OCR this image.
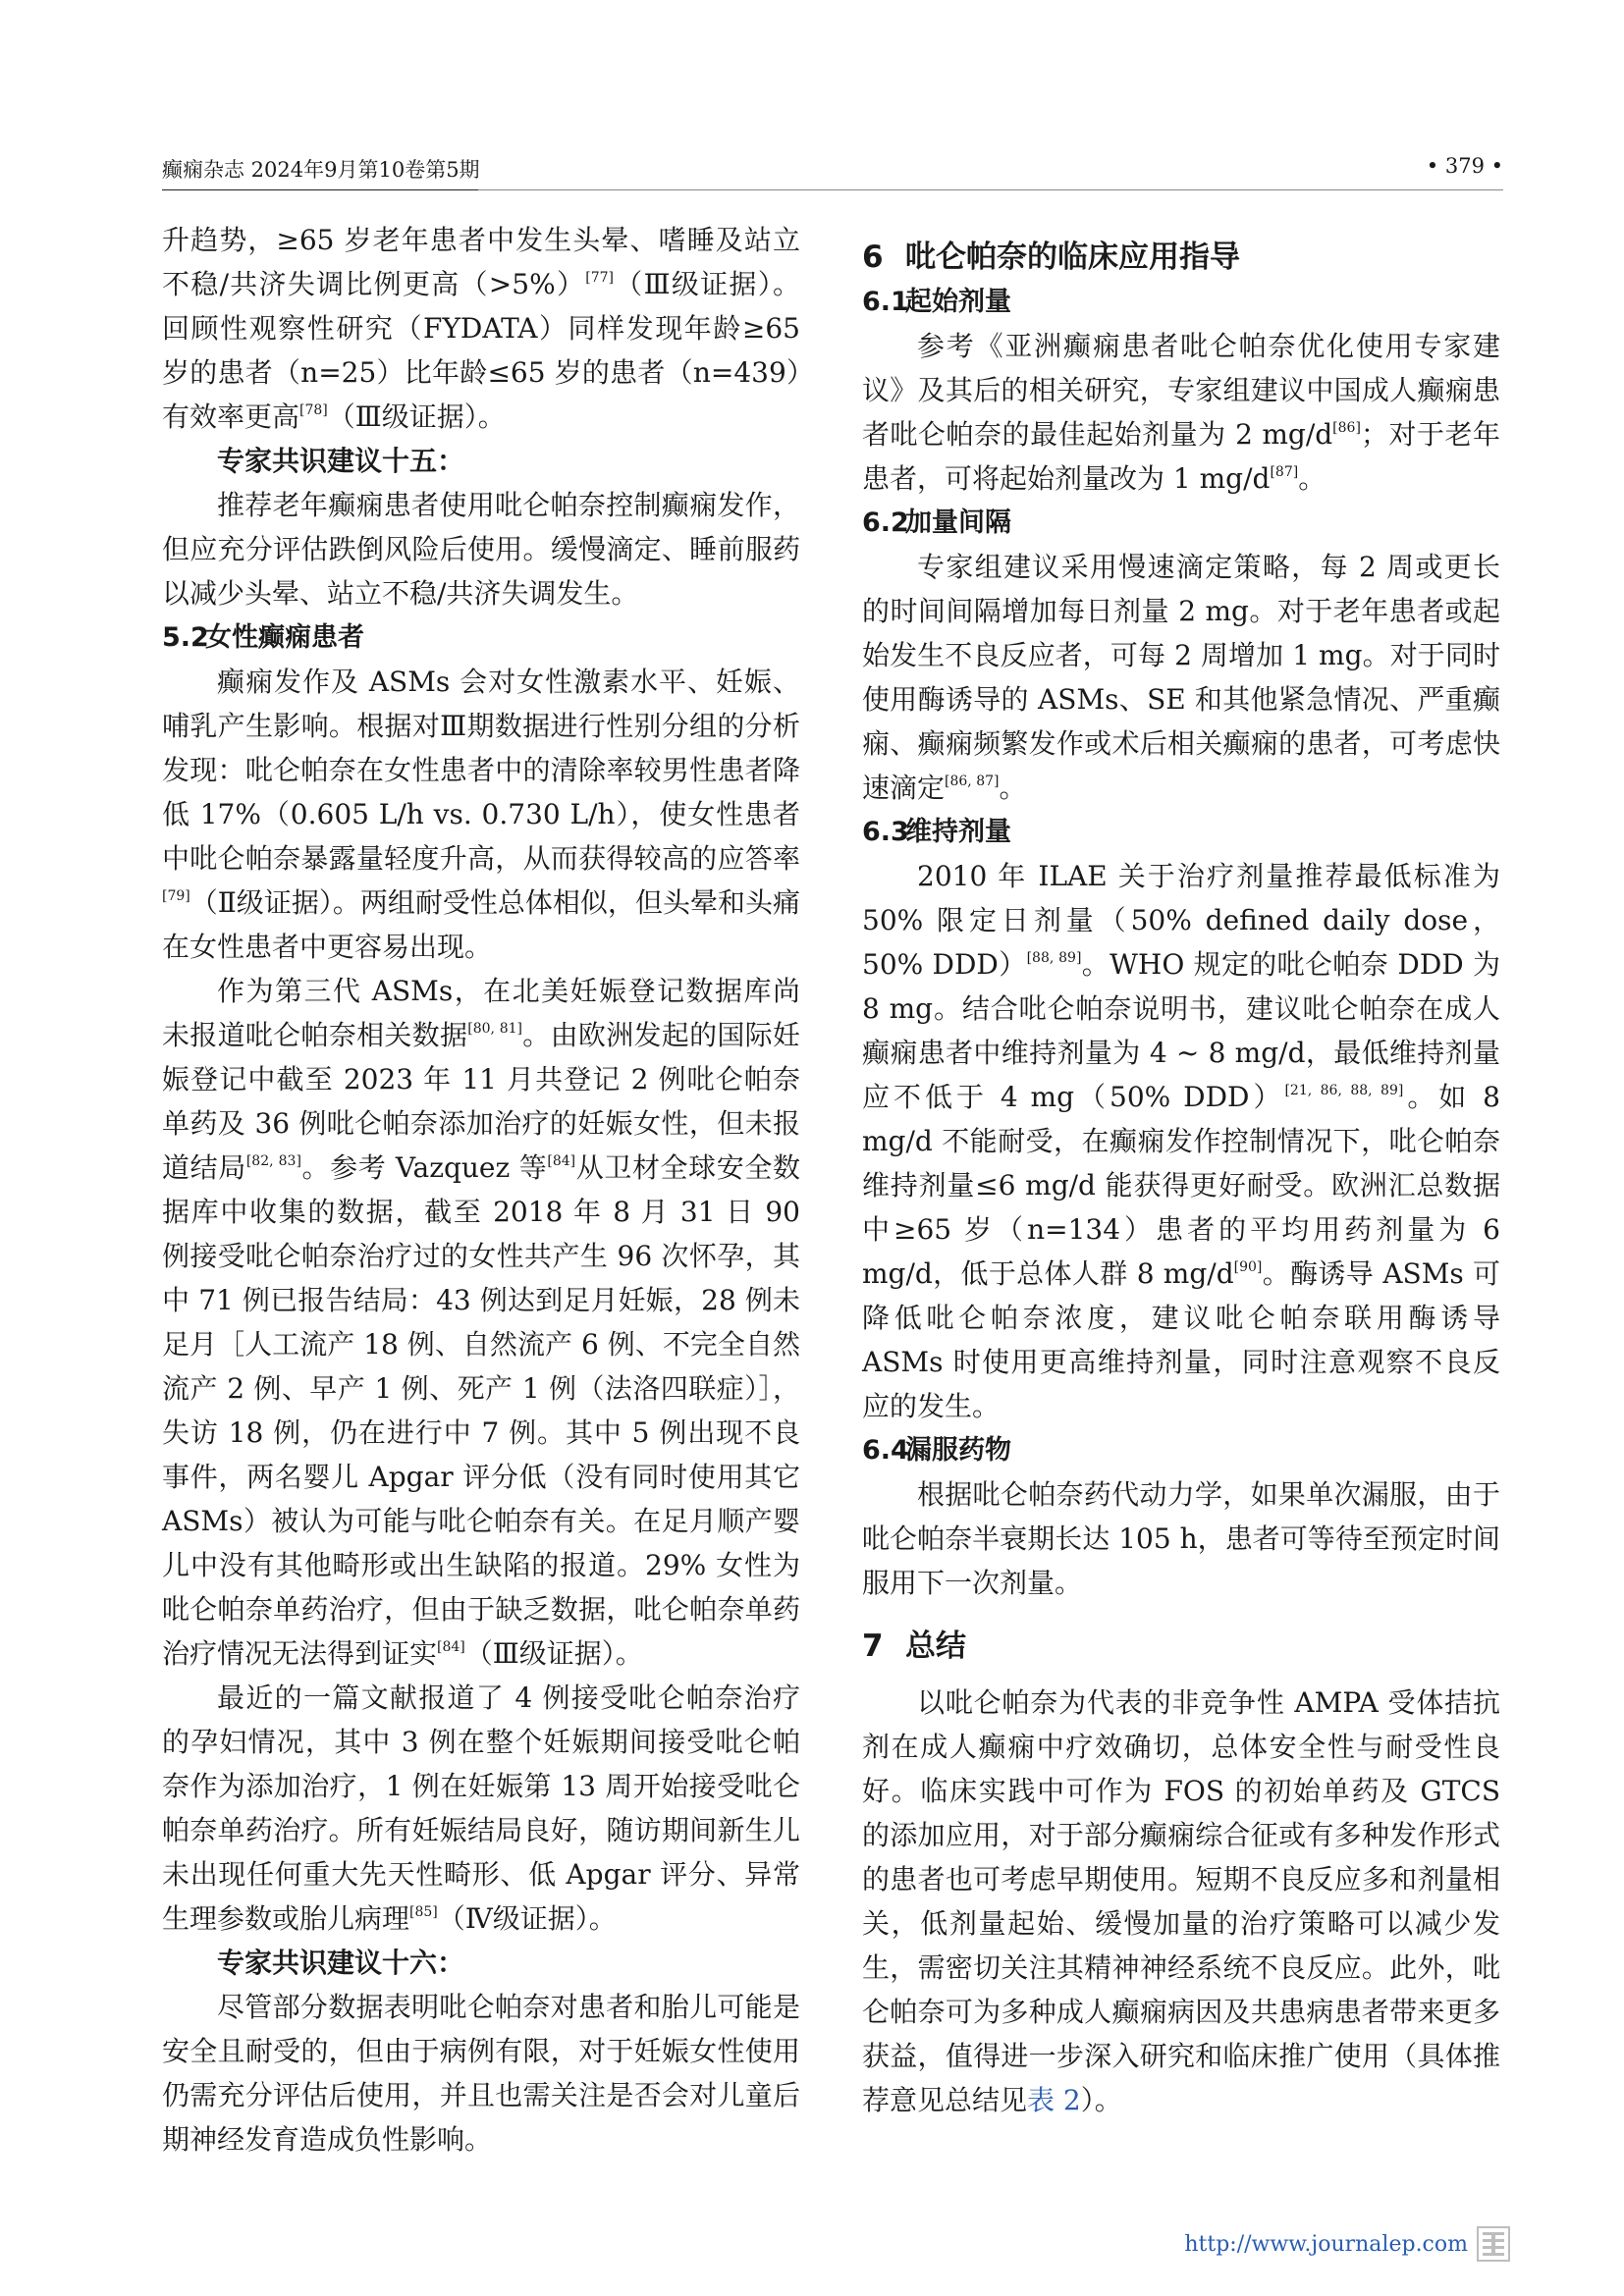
癫痫杂志 2024年9月第10卷第5期	• 379 •

升趋势，≥65 岁老年患者中发生头晕、嗜睡及站立不稳/共济失调比例更高（>5%）[77]（Ⅲ级证据）。回顾性观察性研究（FYDATA）同样发现年龄≥65 岁的患者（n=25）比年龄≤65 岁的患者（n=439）有效率更高[78]（Ⅲ级证据）。

专家共识建议十五：

推荐老年癫痫患者使用吡仑帕奈控制癫痫发作，但应充分评估跌倒风险后使用。缓慢滴定、睡前服药以减少头晕、站立不稳/共济失调发生。

5.2女性癫痫患者

癫痫发作及 ASMs 会对女性激素水平、妊娠、哺乳产生影响。根据对Ⅲ期数据进行性别分组的分析发现：吡仑帕奈在女性患者中的清除率较男性患者降低 17%（0.605 L/h vs. 0.730 L/h），使女性患者中吡仑帕奈暴露量轻度升高，从而获得较高的应答率[79]（Ⅱ级证据）。两组耐受性总体相似，但头晕和头痛在女性患者中更容易出现。

作为第三代 ASMs，在北美妊娠登记数据库尚未报道吡仑帕奈相关数据[80, 81]。由欧洲发起的国际妊娠登记中截至 2023 年 11 月共登记 2 例吡仑帕奈单药及 36 例吡仑帕奈添加治疗的妊娠女性，但未报道结局[82, 83]。参考 Vazquez 等[84]从卫材全球安全数据库中收集的数据，截至 2018 年 8 月 31 日 90 例接受吡仑帕奈治疗过的女性共产生 96 次怀孕，其中 71 例已报告结局：43 例达到足月妊娠，28 例未足月［人工流产 18 例、自然流产 6 例、不完全自然流产 2 例、早产 1 例、死产 1 例（法洛四联症）］，失访 18 例，仍在进行中 7 例。其中 5 例出现不良事件，两名婴儿 Apgar 评分低（没有同时使用其它 ASMs）被认为可能与吡仑帕奈有关。在足月顺产婴儿中没有其他畸形或出生缺陷的报道。29% 女性为吡仑帕奈单药治疗，但由于缺乏数据，吡仑帕奈单药治疗情况无法得到证实[84]（Ⅲ级证据）。

最近的一篇文献报道了 4 例接受吡仑帕奈治疗的孕妇情况，其中 3 例在整个妊娠期间接受吡仑帕奈作为添加治疗，1 例在妊娠第 13 周开始接受吡仑帕奈单药治疗。所有妊娠结局良好，随访期间新生儿未出现任何重大先天性畸形、低 Apgar 评分、异常生理参数或胎儿病理[85]（Ⅳ级证据）。

专家共识建议十六：

尽管部分数据表明吡仑帕奈对患者和胎儿可能是安全且耐受的，但由于病例有限，对于妊娠女性使用仍需充分评估后使用，并且也需关注是否会对儿童后期神经发育造成负性影响。

6 吡仑帕奈的临床应用指导

6.1起始剂量

参考《亚洲癫痫患者吡仑帕奈优化使用专家建议》及其后的相关研究，专家组建议中国成人癫痫患者吡仑帕奈的最佳起始剂量为 2 mg/d[86]；对于老年患者，可将起始剂量改为 1 mg/d[87]。

6.2加量间隔

专家组建议采用慢速滴定策略，每 2 周或更长的时间间隔增加每日剂量 2 mg。对于老年患者或起始发生不良反应者，可每 2 周增加 1 mg。对于同时使用酶诱导的 ASMs、SE 和其他紧急情况、严重癫痫、癫痫频繁发作或术后相关癫痫的患者，可考虑快速滴定[86, 87]。

6.3维持剂量

2010 年 ILAE 关于治疗剂量推荐最低标准为 50% 限定日剂量（50% defined daily dose，50% DDD）[88, 89]。WHO 规定的吡仑帕奈 DDD 为 8 mg。结合吡仑帕奈说明书，建议吡仑帕奈在成人癫痫患者中维持剂量为 4 ~ 8 mg/d，最低维持剂量应不低于 4 mg（50% DDD）[21, 86, 88, 89]。如 8 mg/d 不能耐受，在癫痫发作控制情况下，吡仑帕奈维持剂量≤6 mg/d 能获得更好耐受。欧洲汇总数据中≥65 岁（n=134）患者的平均用药剂量为 6 mg/d，低于总体人群 8 mg/d[90]。酶诱导 ASMs 可降低吡仑帕奈浓度，建议吡仑帕奈联用酶诱导 ASMs 时使用更高维持剂量，同时注意观察不良反应的发生。

6.4漏服药物

根据吡仑帕奈药代动力学，如果单次漏服，由于吡仑帕奈半衰期长达 105 h，患者可等待至预定时间服用下一次剂量。

7 总结

以吡仑帕奈为代表的非竞争性 AMPA 受体拮抗剂在成人癫痫中疗效确切，总体安全性与耐受性良好。临床实践中可作为 FOS 的初始单药及 GTCS 的添加应用，对于部分癫痫综合征或有多种发作形式的患者也可考虑早期使用。短期不良反应多和剂量相关，低剂量起始、缓慢加量的治疗策略可以减少发生，需密切关注其精神神经系统不良反应。此外，吡仑帕奈可为多种成人癫痫病因及共患病患者带来更多获益，值得进一步深入研究和临床推广使用（具体推荐意见总结见表 2）。

http://www.journalep.com
